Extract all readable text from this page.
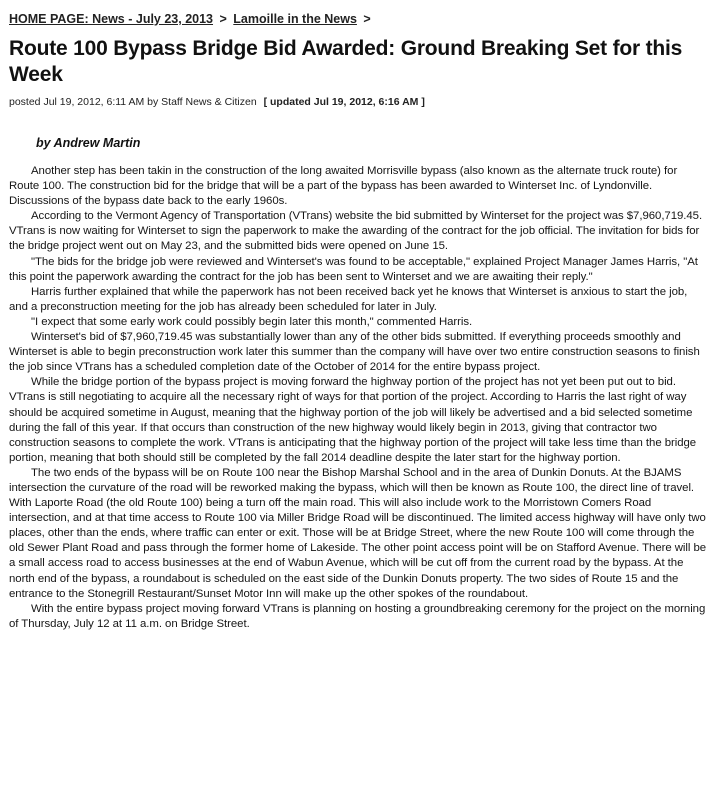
HOME PAGE: News - July 23, 2013 > Lamoille in the News >
Route 100 Bypass Bridge Bid Awarded: Ground Breaking Set for this Week
posted Jul 19, 2012, 6:11 AM by Staff News & Citizen [ updated Jul 19, 2012, 6:16 AM ]
by Andrew Martin

Another step has been takin in the construction of the long awaited Morrisville bypass (also known as the alternate truck route) for Route 100. The construction bid for the bridge that will be a part of the bypass has been awarded to Winterset Inc. of Lyndonville. Discussions of the bypass date back to the early 1960s.

According to the Vermont Agency of Transportation (VTrans) website the bid submitted by Winterset for the project was $7,960,719.45. VTrans is now waiting for Winterset to sign the paperwork to make the awarding of the contract for the job official. The invitation for bids for the bridge project went out on May 23, and the submitted bids were opened on June 15.

"The bids for the bridge job were reviewed and Winterset's was found to be acceptable," explained Project Manager James Harris, "At this point the paperwork awarding the contract for the job has been sent to Winterset and we are awaiting their reply."

Harris further explained that while the paperwork has not been received back yet he knows that Winterset is anxious to start the job, and a preconstruction meeting for the job has already been scheduled for later in July.

"I expect that some early work could possibly begin later this month," commented Harris.

Winterset's bid of $7,960,719.45 was substantially lower than any of the other bids submitted. If everything proceeds smoothly and Winterset is able to begin preconstruction work later this summer than the company will have over two entire construction seasons to finish the job since VTrans has a scheduled completion date of the October of 2014 for the entire bypass project.

While the bridge portion of the bypass project is moving forward the highway portion of the project has not yet been put out to bid. VTrans is still negotiating to acquire all the necessary right of ways for that portion of the project. According to Harris the last right of way should be acquired sometime in August, meaning that the highway portion of the job will likely be advertised and a bid selected sometime during the fall of this year. If that occurs than construction of the new highway would likely begin in 2013, giving that contractor two construction seasons to complete the work. VTrans is anticipating that the highway portion of the project will take less time than the bridge portion, meaning that both should still be completed by the fall 2014 deadline despite the later start for the highway portion.

The two ends of the bypass will be on Route 100 near the Bishop Marshal School and in the area of Dunkin Donuts. At the BJAMS intersection the curvature of the road will be reworked making the bypass, which will then be known as Route 100, the direct line of travel. With Laporte Road (the old Route 100) being a turn off the main road. This will also include work to the Morristown Comers Road intersection, and at that time access to Route 100 via Miller Bridge Road will be discontinued. The limited access highway will have only two places, other than the ends, where traffic can enter or exit. Those will be at Bridge Street, where the new Route 100 will come through the old Sewer Plant Road and pass through the former home of Lakeside. The other point access point will be on Stafford Avenue. There will be a small access road to access businesses at the end of Wabun Avenue, which will be cut off from the current road by the bypass. At the north end of the bypass, a roundabout is scheduled on the east side of the Dunkin Donuts property. The two sides of Route 15 and the entrance to the Stonegrill Restaurant/Sunset Motor Inn will make up the other spokes of the roundabout.

With the entire bypass project moving forward VTrans is planning on hosting a groundbreaking ceremony for the project on the morning of Thursday, July 12 at 11 a.m. on Bridge Street.
